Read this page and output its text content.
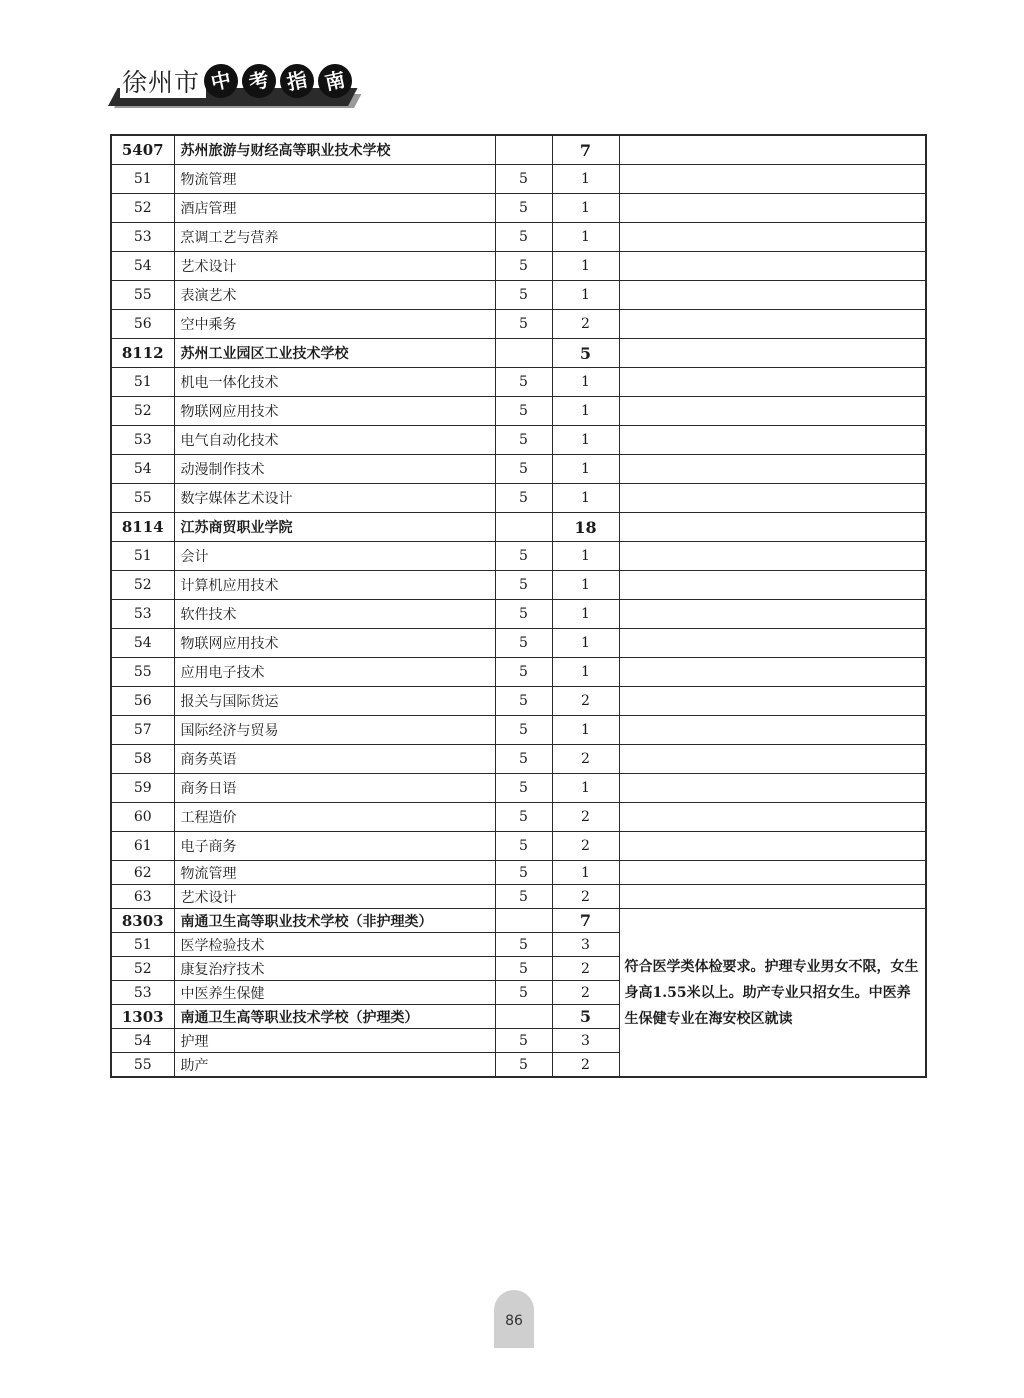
徐州市 中 考 指 南
5407	苏州旅游与财经高等职业技术学校		7	
51	物流管理	5	1	
52	酒店管理	5	1	
53	烹调工艺与营养	5	1	
54	艺术设计	5	1	
55	表演艺术	5	1	
56	空中乘务	5	2	
8112	苏州工业园区工业技术学校		5	
51	机电一体化技术	5	1	
52	物联网应用技术	5	1	
53	电气自动化技术	5	1	
54	动漫制作技术	5	1	
55	数字媒体艺术设计	5	1	
8114	江苏商贸职业学院		18	
51	会计	5	1	
52	计算机应用技术	5	1	
53	软件技术	5	1	
54	物联网应用技术	5	1	
55	应用电子技术	5	1	
56	报关与国际货运	5	2	
57	国际经济与贸易	5	1	
58	商务英语	5	2	
59	商务日语	5	1	
60	工程造价	5	2	
61	电子商务	5	2	
62	物流管理	5	1	
63	艺术设计	5	2	
8303	南通卫生高等职业技术学校（非护理类）		7	符合医学类体检要求。护理专业男女不限，女生身高1.55米以上。助产专业只招女生。中医养生保健专业在海安校区就读
51	医学检验技术	5	3	
52	康复治疗技术	5	2	
53	中医养生保健	5	2	
1303	南通卫生高等职业技术学校（护理类）		5	
54	护理	5	3	
55	助产	5	2	
86
